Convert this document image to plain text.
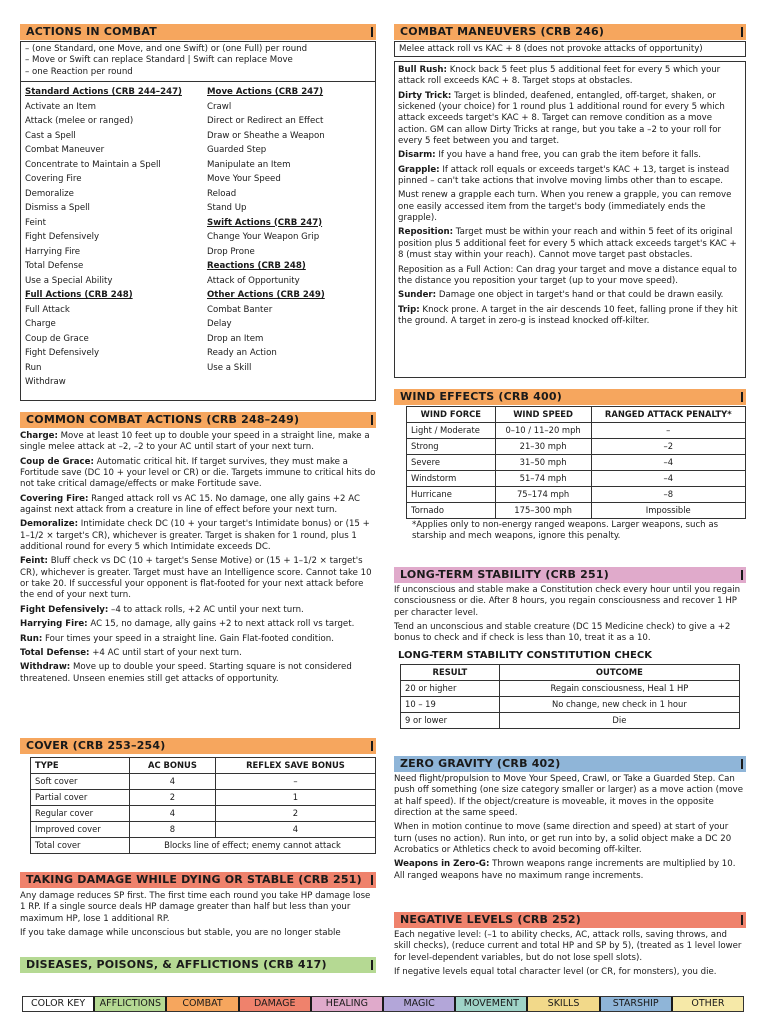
ACTIONS IN COMBAT
– (one Standard, one Move, and one Swift) or (one Full) per round
– Move or Swift can replace Standard | Swift can replace Move
– one Reaction per round
Standard Actions (CRB 244–247)
Activate an Item
Attack (melee or ranged)
Cast a Spell
Combat Maneuver
Concentrate to Maintain a Spell
Covering Fire
Demoralize
Dismiss a Spell
Feint
Fight Defensively
Harrying Fire
Total Defense
Use a Special Ability
Full Actions (CRB 248)
Full Attack
Charge
Coup de Grace
Fight Defensively
Run
Withdraw
Move Actions (CRB 247)
Crawl
Direct or Redirect an Effect
Draw or Sheathe a Weapon
Guarded Step
Manipulate an Item
Move Your Speed
Reload
Stand Up
Swift Actions (CRB 247)
Change Your Weapon Grip
Drop Prone
Reactions (CRB 248)
Attack of Opportunity
Other Actions (CRB 249)
Combat Banter
Delay
Drop an Item
Ready an Action
Use a Skill
COMMON COMBAT ACTIONS (CRB 248–249)

Charge: Move at least 10 feet up to double your speed in a straight line, make a single melee attack at –2, –2 to your AC until start of your next turn.

Coup de Grace: Automatic critical hit. If target survives, they must make a Fortitude save (DC 10 + your level or CR) or die. Targets immune to critical hits do not take critical damage/effects or make Fortitude save.

Covering Fire: Ranged attack roll vs AC 15. No damage, one ally gains +2 AC against next attack from a creature in line of effect before your next turn.

Demoralize: Intimidate check DC (10 + your target's Intimidate bonus) or (15 + 1–1/2 × target's CR), whichever is greater. Target is shaken for 1 round, plus 1 additional round for every 5 which Intimidate exceeds DC.

Feint: Bluff check vs DC (10 + target's Sense Motive) or (15 + 1–1/2 × target's CR), whichever is greater. Target must have an Intelligence score. Cannot take 10 or take 20. If successful your opponent is flat-footed for your next attack before the end of your next turn.

Fight Defensively: –4 to attack rolls, +2 AC until your next turn.

Harrying Fire: AC 15, no damage, ally gains +2 to next attack roll vs target.

Run: Four times your speed in a straight line. Gain Flat-footed condition.

Total Defense: +4 AC until start of your next turn.

Withdraw: Move up to double your speed. Starting square is not considered threatened. Unseen enemies still get attacks of opportunity.

COVER (CRB 253–254)
TYPE	AC BONUS	REFLEX SAVE BONUS
Soft cover	4	–
Partial cover	2	1
Regular cover	4	2
Improved cover	8	4
Total cover	Blocks line of effect; enemy cannot attack	
TAKING DAMAGE WHILE DYING OR STABLE (CRB 251)

Any damage reduces SP first. The first time each round you take HP damage lose 1 RP. If a single source deals HP damage greater than half but less than your maximum HP, lose 1 additional RP.

If you take damage while unconscious but stable, you are no longer stable

DISEASES, POISONS, & AFFLICTIONS (CRB 417)
COMBAT MANEUVERS (CRB 246)
Melee attack roll vs KAC + 8 (does not provoke attacks of opportunity)

Bull Rush: Knock back 5 feet plus 5 additional feet for every 5 which your attack roll exceeds KAC + 8. Target stops at obstacles.

Dirty Trick: Target is blinded, deafened, entangled, off-target, shaken, or sickened (your choice) for 1 round plus 1 additional round for every 5 which attack exceeds target's KAC + 8. Target can remove condition as a move action. GM can allow Dirty Tricks at range, but you take a –2 to your roll for every 5 feet between you and target.

Disarm: If you have a hand free, you can grab the item before it falls.

Grapple: If attack roll equals or exceeds target's KAC + 13, target is instead pinned – can't take actions that involve moving limbs other than to escape.

Must renew a grapple each turn. When you renew a grapple, you can remove one easily accessed item from the target's body (immediately ends the grapple).

Reposition: Target must be within your reach and within 5 feet of its original position plus 5 additional feet for every 5 which attack exceeds target's KAC + 8 (must stay within your reach). Cannot move target past obstacles.

Reposition as a Full Action: Can drag your target and move a distance equal to the distance you reposition your target (up to your move speed).

Sunder: Damage one object in target's hand or that could be drawn easily.

Trip: Knock prone. A target in the air descends 10 feet, falling prone if they hit the ground. A target in zero-g is instead knocked off-kilter.

WIND EFFECTS (CRB 400)
WIND FORCE	WIND SPEED	RANGED ATTACK PENALTY*
Light / Moderate	0–10 / 11–20 mph	–
Strong	21–30 mph	–2
Severe	31–50 mph	–4
Windstorm	51–74 mph	–4
Hurricane	75–174 mph	–8
Tornado	175–300 mph	Impossible

*Applies only to non-energy ranged weapons. Larger weapons, such as starship and mech weapons, ignore this penalty.

LONG-TERM STABILITY (CRB 251)

If unconscious and stable make a Constitution check every hour until you regain consciousness or die. After 8 hours, you regain consciousness and recover 1 HP per character level.

Tend an unconscious and stable creature (DC 15 Medicine check) to give a +2 bonus to check and if check is less than 10, treat it as a 10.

LONG-TERM STABILITY CONSTITUTION CHECK
RESULT	OUTCOME
20 or higher	Regain consciousness, Heal 1 HP
10 – 19	No change, new check in 1 hour
9 or lower	Die
ZERO GRAVITY (CRB 402)

Need flight/propulsion to Move Your Speed, Crawl, or Take a Guarded Step. Can push off something (one size category smaller or larger) as a move action (move at half speed). If the object/creature is moveable, it moves in the opposite direction at the same speed.

When in motion continue to move (same direction and speed) at start of your turn (uses no action). Run into, or get run into by, a solid object make a DC 20 Acrobatics or Athletics check to avoid becoming off-kilter.

Weapons in Zero-G: Thrown weapons range increments are multiplied by 10. All ranged weapons have no maximum range increments.

NEGATIVE LEVELS (CRB 252)

Each negative level: (–1 to ability checks, AC, attack rolls, saving throws, and skill checks), (reduce current and total HP and SP by 5), (treated as 1 level lower for level-dependent variables, but do not lose spell slots).

If negative levels equal total character level (or CR, for monsters), you die.

COLOR KEY	AFFLICTIONS	COMBAT	DAMAGE	HEALING	MAGIC	MOVEMENT	SKILLS	STARSHIP	OTHER
